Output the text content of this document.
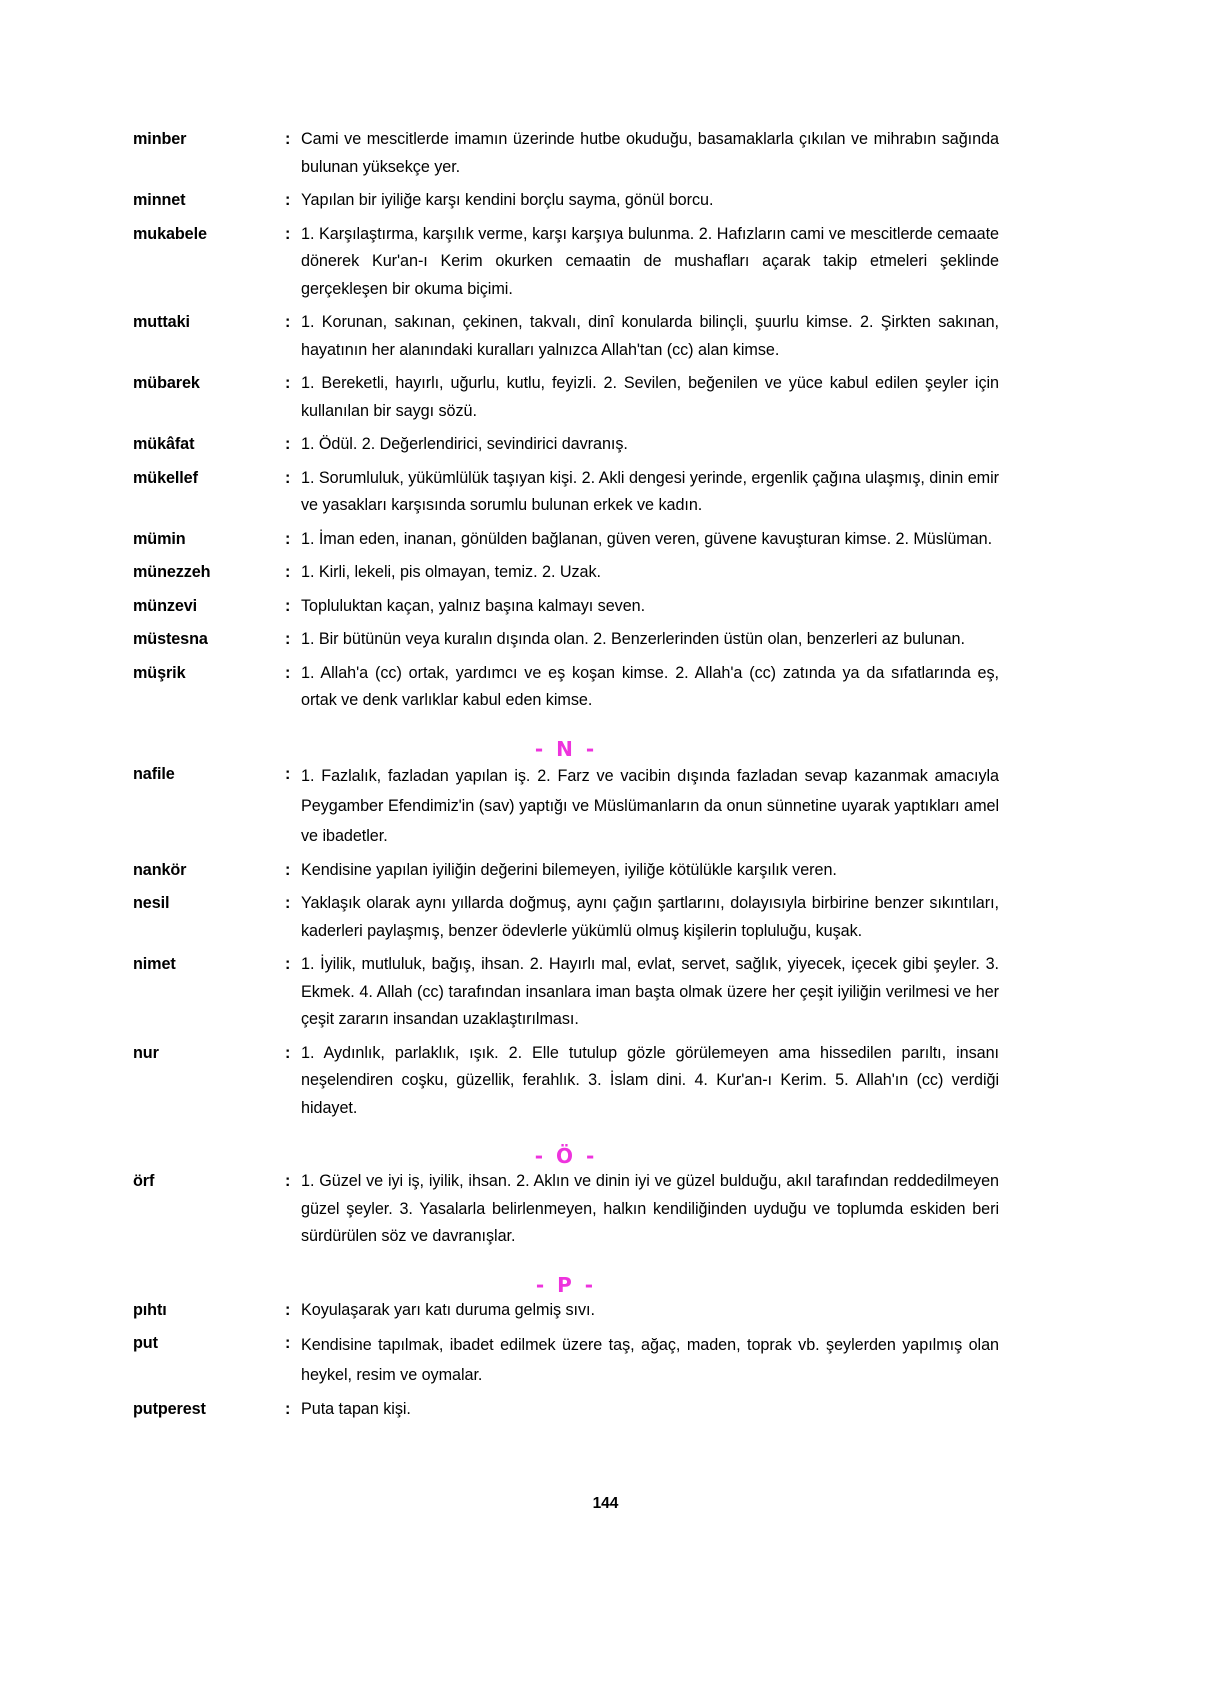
minber	:	Cami ve mescitlerde imamın üzerinde hutbe okuduğu, basamaklarla çıkılan ve mihrabın sağında bulunan yüksekçe yer.
minnet	:	Yapılan bir iyiliğe karşı kendini borçlu sayma, gönül borcu.
mukabele	:	1. Karşılaştırma, karşılık verme, karşı karşıya bulunma. 2. Hafızların cami ve mescitlerde cemaate dönerek Kur'an-ı Kerim okurken cemaatin de mushafları açarak takip etmeleri şeklinde gerçekleşen bir okuma biçimi.
muttaki	:	1. Korunan, sakınan, çekinen, takvalı, dinî konularda bilinçli, şuurlu kimse. 2. Şirkten sakınan, hayatının her alanındaki kuralları yalnızca Allah'tan (cc) alan kimse.
mübarek	:	1. Bereketli, hayırlı, uğurlu, kutlu, feyizli. 2. Sevilen, beğenilen ve yüce kabul edilen şeyler için kullanılan bir saygı sözü.
mükâfat	:	1. Ödül. 2. Değerlendirici, sevindirici davranış.
mükellef	:	1. Sorumluluk, yükümlülük taşıyan kişi. 2. Akli dengesi yerinde, ergenlik çağına ulaşmış, dinin emir ve yasakları karşısında sorumlu bulunan erkek ve kadın.
mümin	:	1. İman eden, inanan, gönülden bağlanan, güven veren, güvene kavuşturan kimse. 2. Müslüman.
münezzeh	:	1. Kirli, lekeli, pis olmayan, temiz. 2. Uzak.
münzevi	:	Topluluktan kaçan, yalnız başına kalmayı seven.
müstesna	:	1. Bir bütünün veya kuralın dışında olan. 2. Benzerlerinden üstün olan, benzerleri az bulunan.
müşrik	:	1. Allah'a (cc) ortak, yardımcı ve eş koşan kimse. 2. Allah'a (cc) zatında ya da sıfatlarında eş, ortak ve denk varlıklar kabul eden kimse.

- N -		
nafile	:	1. Fazlalık, fazladan yapılan iş. 2. Farz ve vacibin dışında fazladan sevap kazanmak amacıyla Peygamber Efendimiz'in (sav) yaptığı ve Müslümanların da onun sünnetine uyarak yaptıkları amel ve ibadetler.
nankör	:	Kendisine yapılan iyiliğin değerini bilemeyen, iyiliğe kötülükle karşılık veren.
nesil	:	Yaklaşık olarak aynı yıllarda doğmuş, aynı çağın şartlarını, dolayısıyla birbirine benzer sıkıntıları, kaderleri paylaşmış, benzer ödevlerle yükümlü olmuş kişilerin topluluğu, kuşak.
nimet	:	1. İyilik, mutluluk, bağış, ihsan. 2. Hayırlı mal, evlat, servet, sağlık, yiyecek, içecek gibi şeyler. 3. Ekmek. 4. Allah (cc) tarafından insanlara iman başta olmak üzere her çeşit iyiliğin verilmesi ve her çeşit zararın insandan uzaklaştırılması.
nur	:	1. Aydınlık, parlaklık, ışık. 2. Elle tutulup gözle görülemeyen ama hissedilen parıltı, insanı neşelendiren coşku, güzellik, ferahlık. 3. İslam dini. 4. Kur'an-ı Kerim. 5. Allah'ın (cc) verdiği hidayet.

- Ö -		
örf	:	1. Güzel ve iyi iş, iyilik, ihsan. 2. Aklın ve dinin iyi ve güzel bulduğu, akıl tarafından reddedilmeyen güzel şeyler. 3. Yasalarla belirlenmeyen, halkın kendiliğinden uyduğu ve toplumda eskiden beri sürdürülen söz ve davranışlar.

- P -		
pıhtı	:	Koyulaşarak yarı katı duruma gelmiş sıvı.
put	:	Kendisine tapılmak, ibadet edilmek üzere taş, ağaç, maden, toprak vb. şeylerden yapılmış olan heykel, resim ve oymalar.
putperest	:	Puta tapan kişi.
144
